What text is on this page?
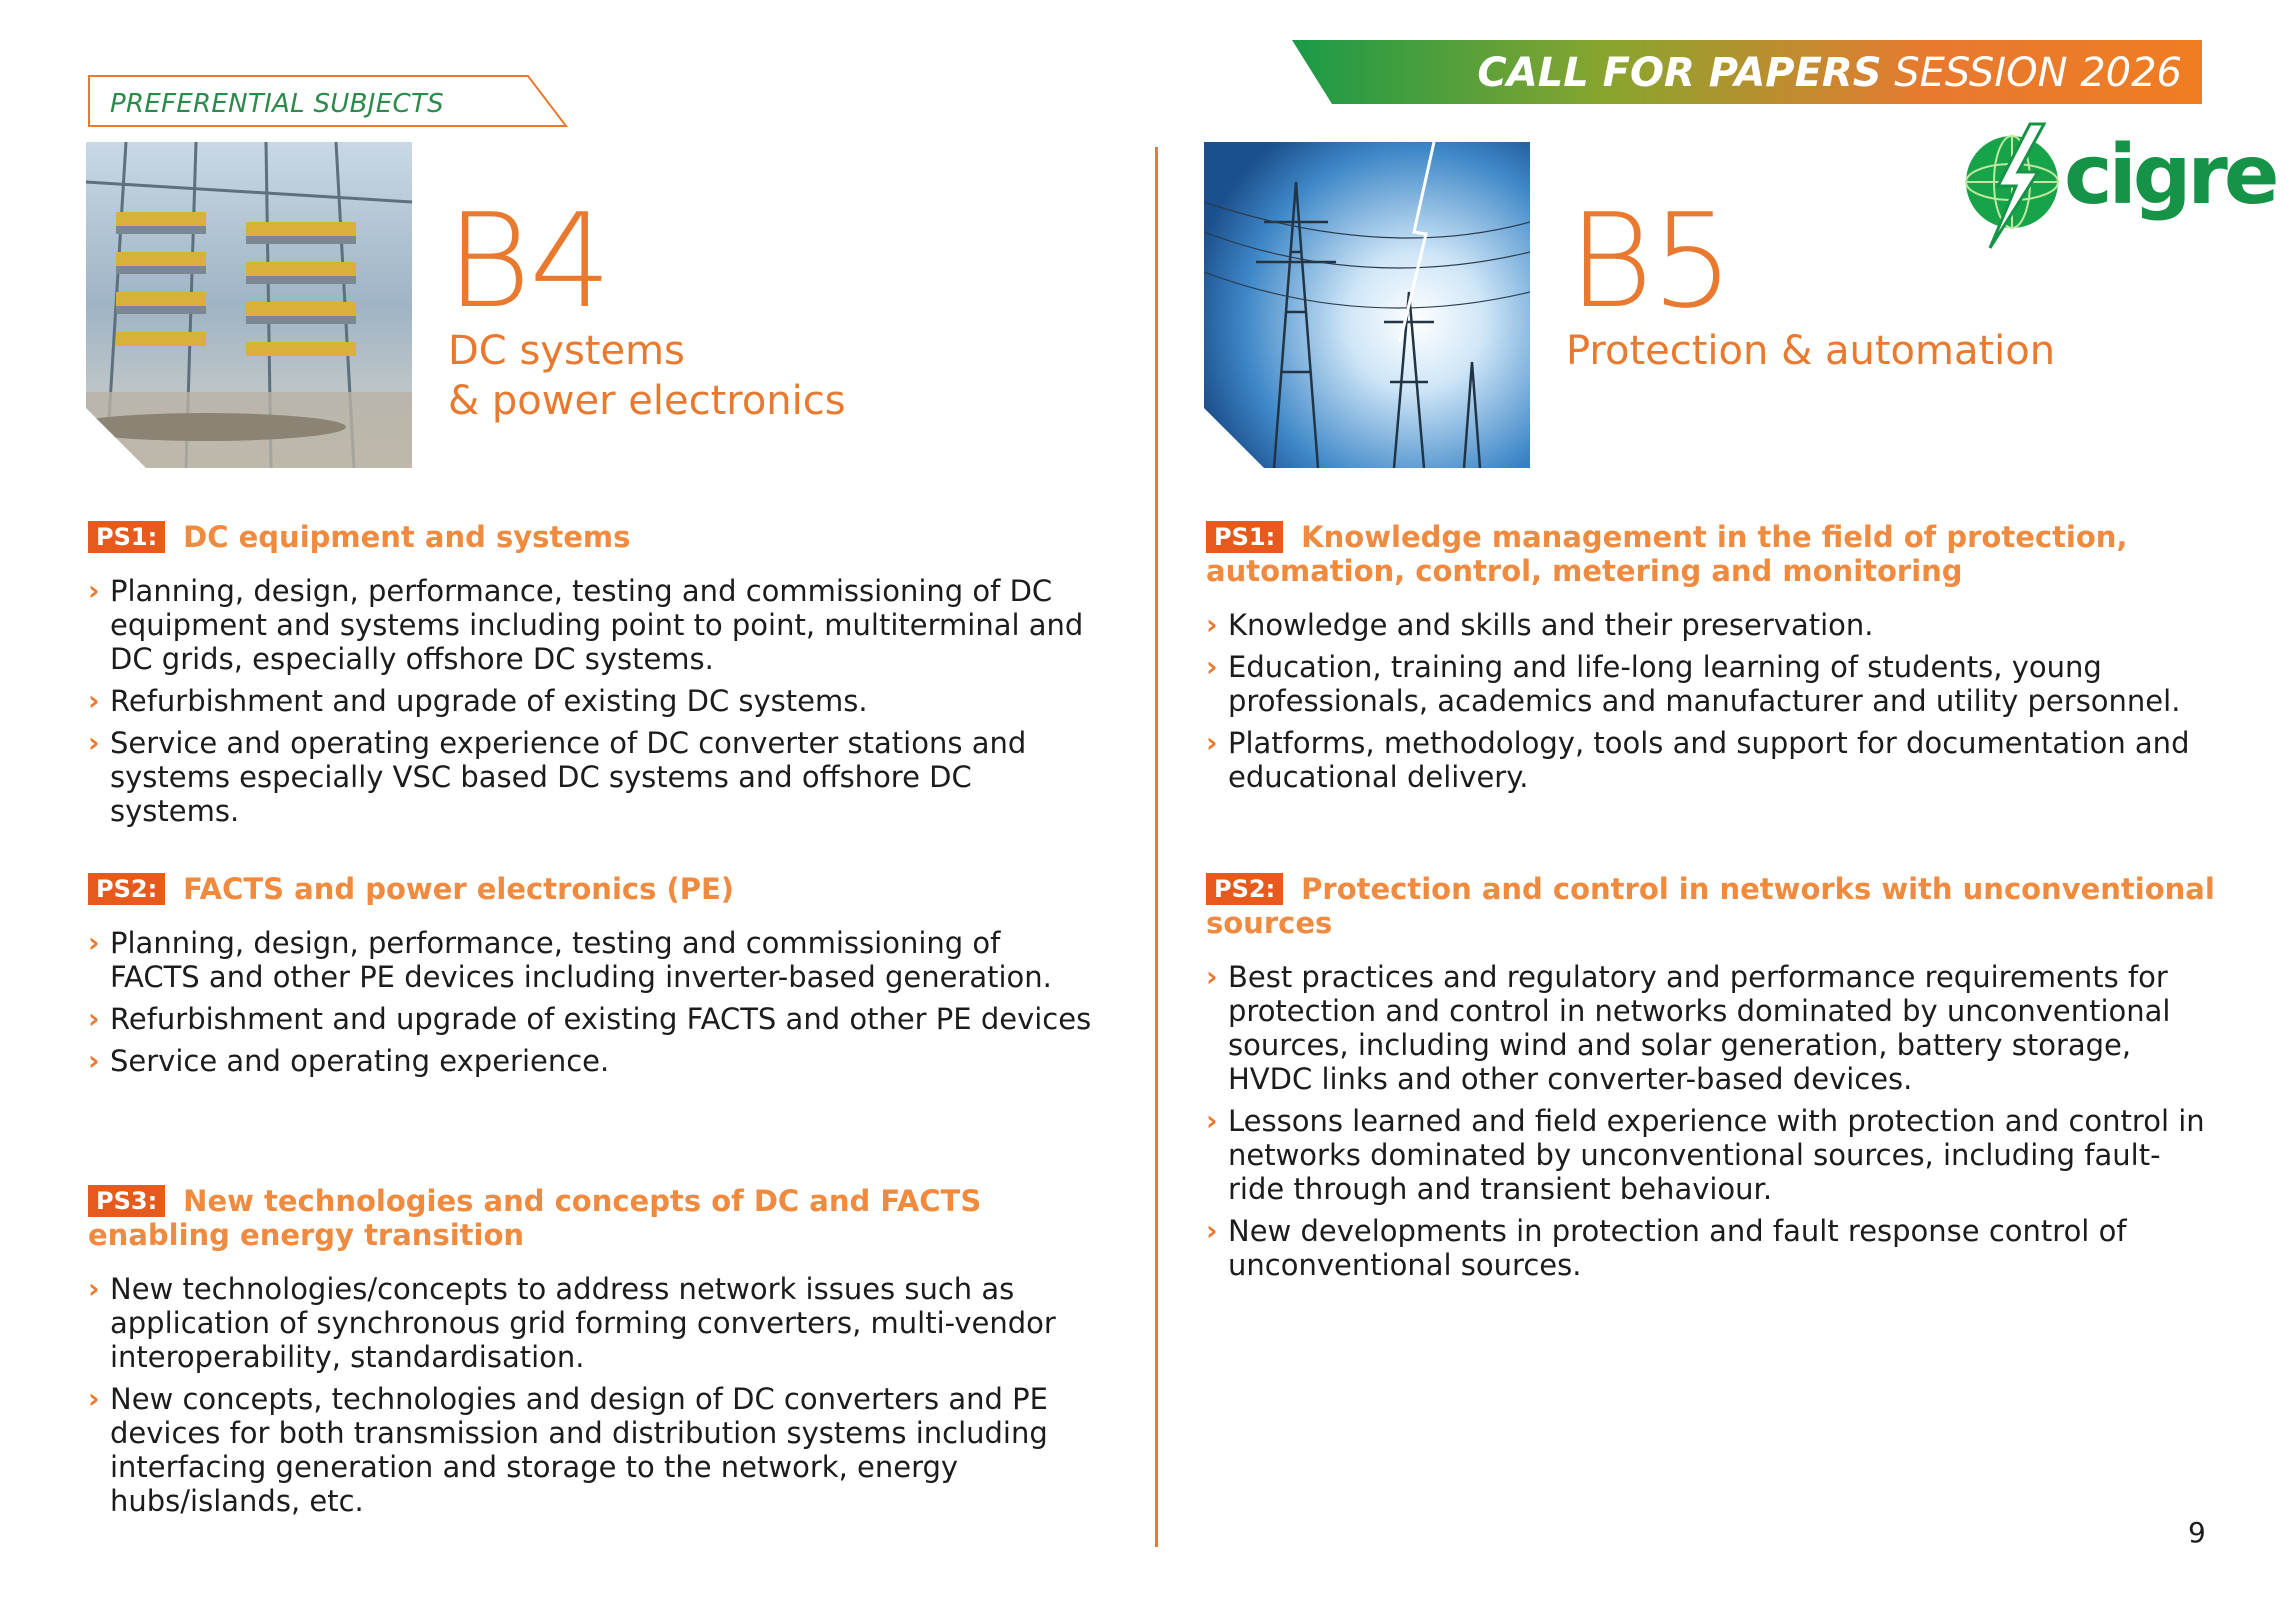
PREFERENTIAL SUBJECTS
CALL FOR PAPERS SESSION 2026
cigre
B4
DC systems
& power electronics
B5
Protection & automation
PS1: DC equipment and systems
› Planning, design, performance, testing and commissioning of DC equipment and systems including point to point, multiterminal and DC grids, especially offshore DC systems.
› Refurbishment and upgrade of existing DC systems.
› Service and operating experience of DC converter stations and systems especially VSC based DC systems and offshore DC systems.
PS2: FACTS and power electronics (PE)
› Planning, design, performance, testing and commissioning of FACTS and other PE devices including inverter-based generation.
› Refurbishment and upgrade of existing FACTS and other PE devices
› Service and operating experience.
PS3: New technologies and concepts of DC and FACTS enabling energy transition
› New technologies/concepts to address network issues such as application of synchronous grid forming converters, multi-vendor interoperability, standardisation.
› New concepts, technologies and design of DC converters and PE devices for both transmission and distribution systems including interfacing generation and storage to the network, energy hubs/islands, etc.
PS1: Knowledge management in the field of protection, automation, control, metering and monitoring
› Knowledge and skills and their preservation.
› Education, training and life-long learning of students, young professionals, academics and manufacturer and utility personnel.
› Platforms, methodology, tools and support for documentation and educational delivery.
PS2: Protection and control in networks with unconventional sources
› Best practices and regulatory and performance requirements for protection and control in networks dominated by unconventional sources, including wind and solar generation, battery storage, HVDC links and other converter-based devices.
› Lessons learned and field experience with protection and control in networks dominated by unconventional sources, including fault-ride through and transient behaviour.
› New developments in protection and fault response control of unconventional sources.
9
